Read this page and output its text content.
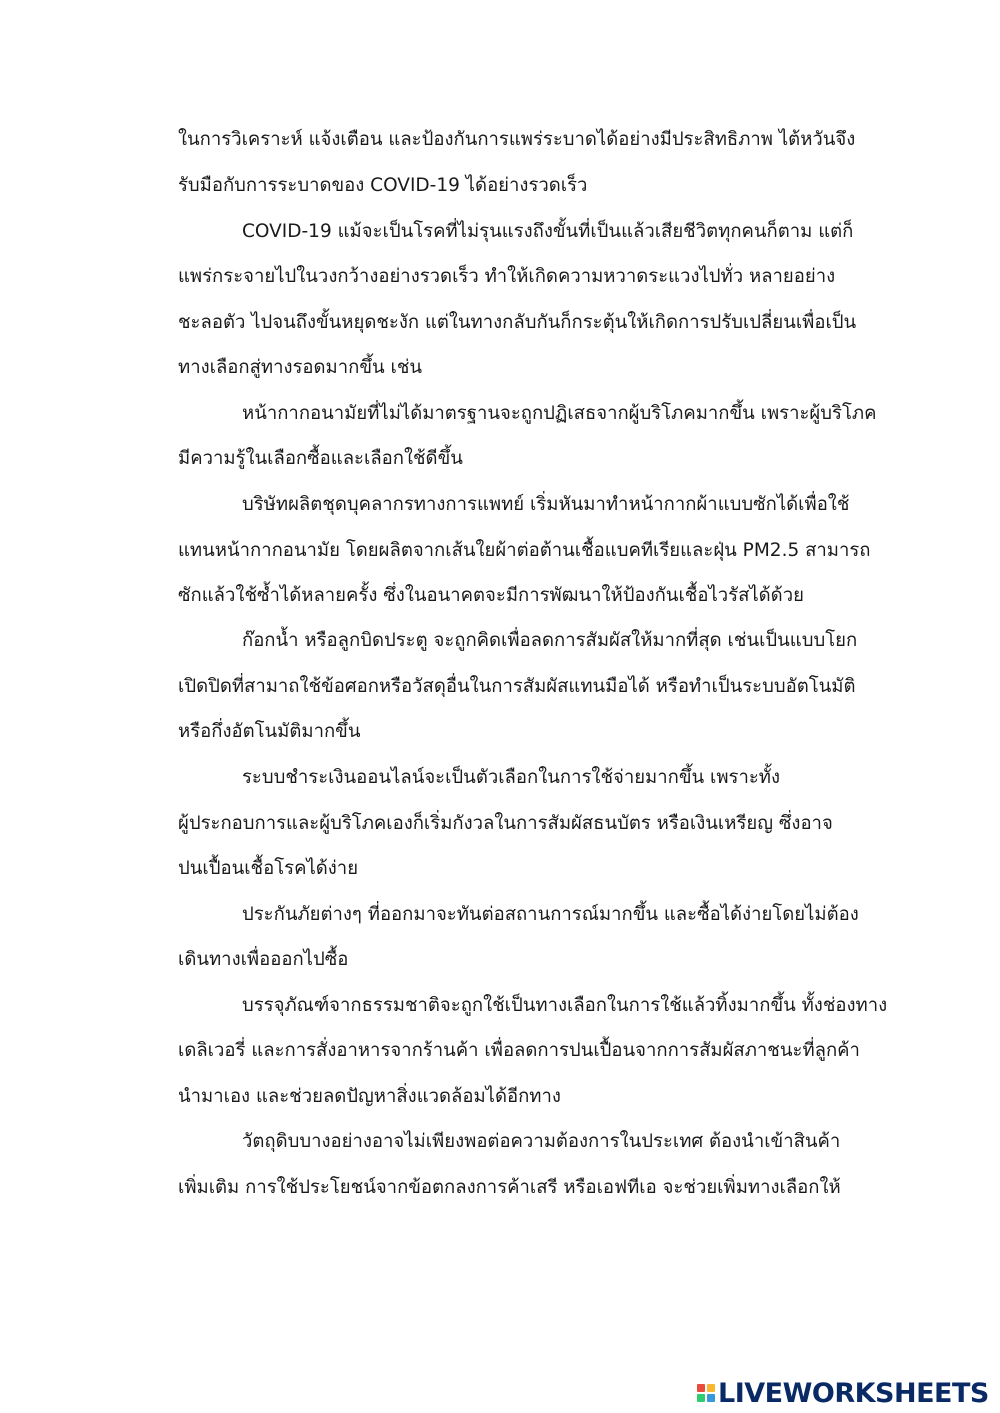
ในการวิเคราะห์ แจ้งเตือน และป้องกันการแพร่ระบาดได้อย่างมีประสิทธิภาพ ไต้หวันจึง
รับมือกับการระบาดของ COVID-19 ได้อย่างรวดเร็ว
COVID-19 แม้จะเป็นโรคที่ไม่รุนแรงถึงขั้นที่เป็นแล้วเสียชีวิตทุกคนก็ตาม แต่ก็
แพร่กระจายไปในวงกว้างอย่างรวดเร็ว ทำให้เกิดความหวาดระแวงไปทั่ว หลายอย่าง
ชะลอตัว ไปจนถึงขั้นหยุดชะงัก แต่ในทางกลับกันก็กระตุ้นให้เกิดการปรับเปลี่ยนเพื่อเป็น
ทางเลือกสู่ทางรอดมากขึ้น เช่น
หน้ากากอนามัยที่ไม่ได้มาตรฐานจะถูกปฏิเสธจากผู้บริโภคมากขึ้น เพราะผู้บริโภค
มีความรู้ในเลือกซื้อและเลือกใช้ดีขึ้น
บริษัทผลิตชุดบุคลากรทางการแพทย์ เริ่มหันมาทำหน้ากากผ้าแบบซักได้เพื่อใช้
แทนหน้ากากอนามัย โดยผลิตจากเส้นใยผ้าต่อต้านเชื้อแบคทีเรียและฝุ่น PM2.5 สามารถ
ซักแล้วใช้ซ้ำได้หลายครั้ง ซึ่งในอนาคตจะมีการพัฒนาให้ป้องกันเชื้อไวรัสได้ด้วย
ก๊อกน้ำ หรือลูกบิดประตู จะถูกคิดเพื่อลดการสัมผัสให้มากที่สุด เช่นเป็นแบบโยก
เปิดปิดที่สามาถใช้ข้อศอกหรือวัสดุอื่นในการสัมผัสแทนมือได้ หรือทำเป็นระบบอัตโนมัติ
หรือกึ่งอัตโนมัติมากขึ้น
ระบบชำระเงินออนไลน์จะเป็นตัวเลือกในการใช้จ่ายมากขึ้น เพราะทั้ง
ผู้ประกอบการและผู้บริโภคเองก็เริ่มกังวลในการสัมผัสธนบัตร หรือเงินเหรียญ ซึ่งอาจ
ปนเปื้อนเชื้อโรคได้ง่าย
ประกันภัยต่างๆ ที่ออกมาจะทันต่อสถานการณ์มากขึ้น และซื้อได้ง่ายโดยไม่ต้อง
เดินทางเพื่อออกไปซื้อ
บรรจุภัณฑ์จากธรรมชาติจะถูกใช้เป็นทางเลือกในการใช้แล้วทิ้งมากขึ้น ทั้งช่องทาง
เดลิเวอรี่ และการสั่งอาหารจากร้านค้า เพื่อลดการปนเปื้อนจากการสัมผัสภาชนะที่ลูกค้า
นำมาเอง และช่วยลดปัญหาสิ่งแวดล้อมได้อีกทาง
วัตถุดิบบางอย่างอาจไม่เพียงพอต่อความต้องการในประเทศ ต้องนำเข้าสินค้า
เพิ่มเติม การใช้ประโยชน์จากข้อตกลงการค้าเสรี หรือเอฟทีเอ จะช่วยเพิ่มทางเลือกให้
LIVEWORKSHEETS
